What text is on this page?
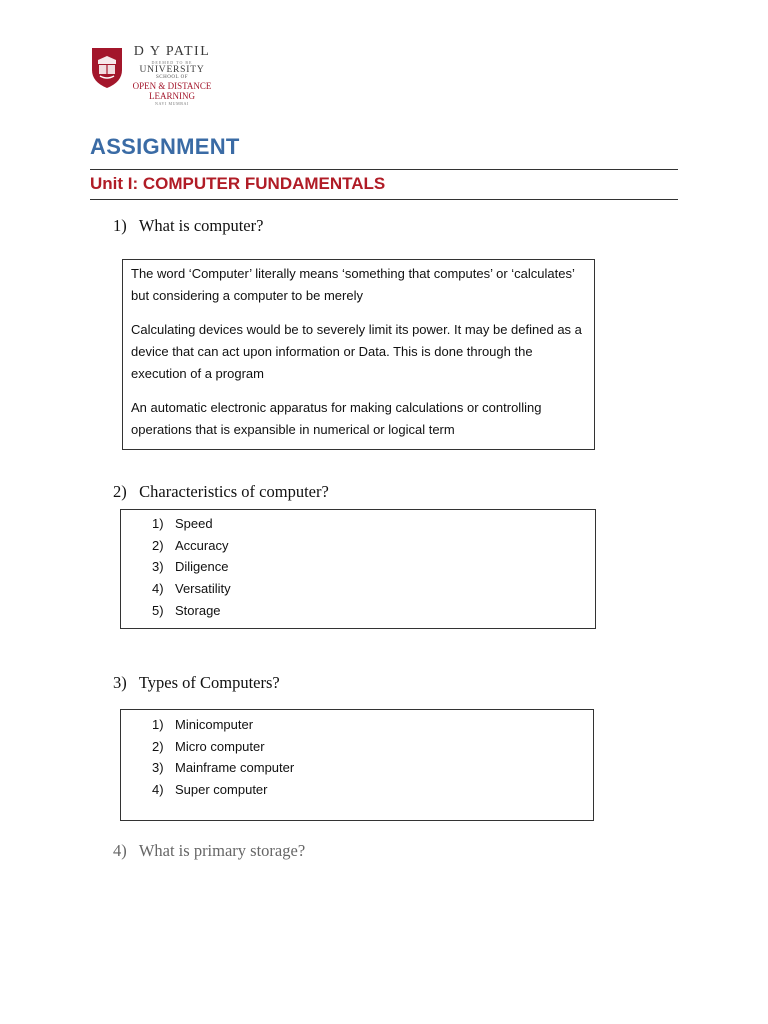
D Y PATIL
DEEMED TO BE
UNIVERSITY
SCHOOL OF
OPEN & DISTANCE
LEARNING
NAVI MUMBAI
ASSIGNMENT
Unit I: COMPUTER FUNDAMENTALS
1) What is computer?

The word ‘Computer’ literally means ‘something that computes’ or ‘calculates’ but considering a computer to be merely

Calculating devices would be to severely limit its power. It may be defined as a device that can act upon information or Data. This is done through the execution of a program

An automatic electronic apparatus for making calculations or controlling operations that is expansible in numerical or logical term

2) Characteristics of computer?
1) Speed
2) Accuracy
3) Diligence
4) Versatility
5) Storage
3) Types of Computers?
1) Minicomputer
2) Micro computer
3) Mainframe computer
4) Super computer
4) What is primary storage?
